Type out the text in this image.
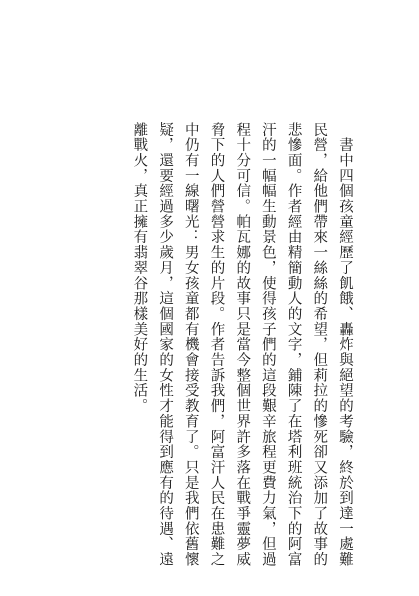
　書中四個孩童經歷了飢餓、轟炸與絕望的考驗，終於到達一處難民營，給他們帶來一絲絲的希望，但莉拉的慘死卻又添加了故事的悲慘面。作者經由精簡動人的文字，鋪陳了在塔利班統治下的阿富汗的一幅幅生動景色，使得孩子們的這段艱辛旅程更費力氣，但過程十分可信。帕瓦娜的故事只是當今整個世界許多落在戰爭靈夢威脅下的人們營營求生的片段。作者告訴我們，阿富汗人民在患難之中仍有一線曙光：男女孩童都有機會接受教育了。只是我們依舊懷疑，還要經過多少歲月，這個國家的女性才能得到應有的待遇、遠離戰火，真正擁有翡翠谷那樣美好的生活。
